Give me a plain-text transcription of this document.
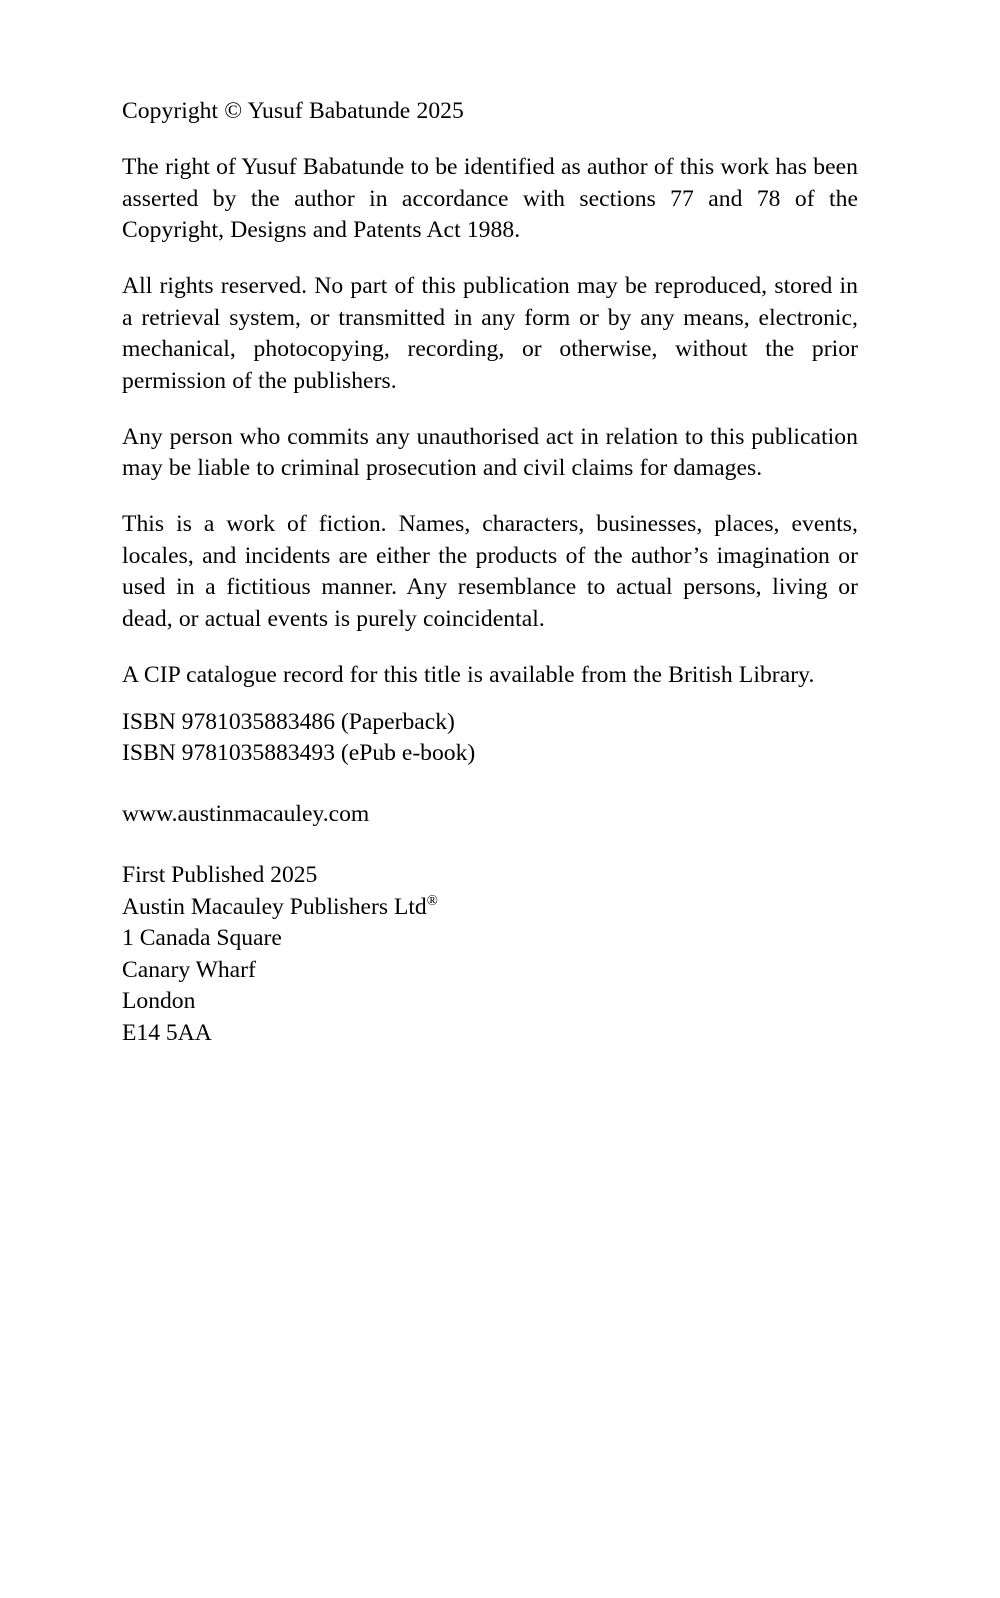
Copyright © Yusuf Babatunde 2025

The right of Yusuf Babatunde to be identified as author of this work has been asserted by the author in accordance with sections 77 and 78 of the Copyright, Designs and Patents Act 1988.

All rights reserved. No part of this publication may be reproduced, stored in a retrieval system, or transmitted in any form or by any means, electronic, mechanical, photocopying, recording, or otherwise, without the prior permission of the publishers.

Any person who commits any unauthorised act in relation to this publication may be liable to criminal prosecution and civil claims for damages.

This is a work of fiction. Names, characters, businesses, places, events, locales, and incidents are either the products of the author’s imagination or used in a fictitious manner. Any resemblance to actual persons, living or dead, or actual events is purely coincidental.

A CIP catalogue record for this title is available from the British Library.

ISBN 9781035883486 (Paperback)
ISBN 9781035883493 (ePub e-book)
www.austinmacauley.com
First Published 2025
Austin Macauley Publishers Ltd®
1 Canada Square
Canary Wharf
London
E14 5AA
